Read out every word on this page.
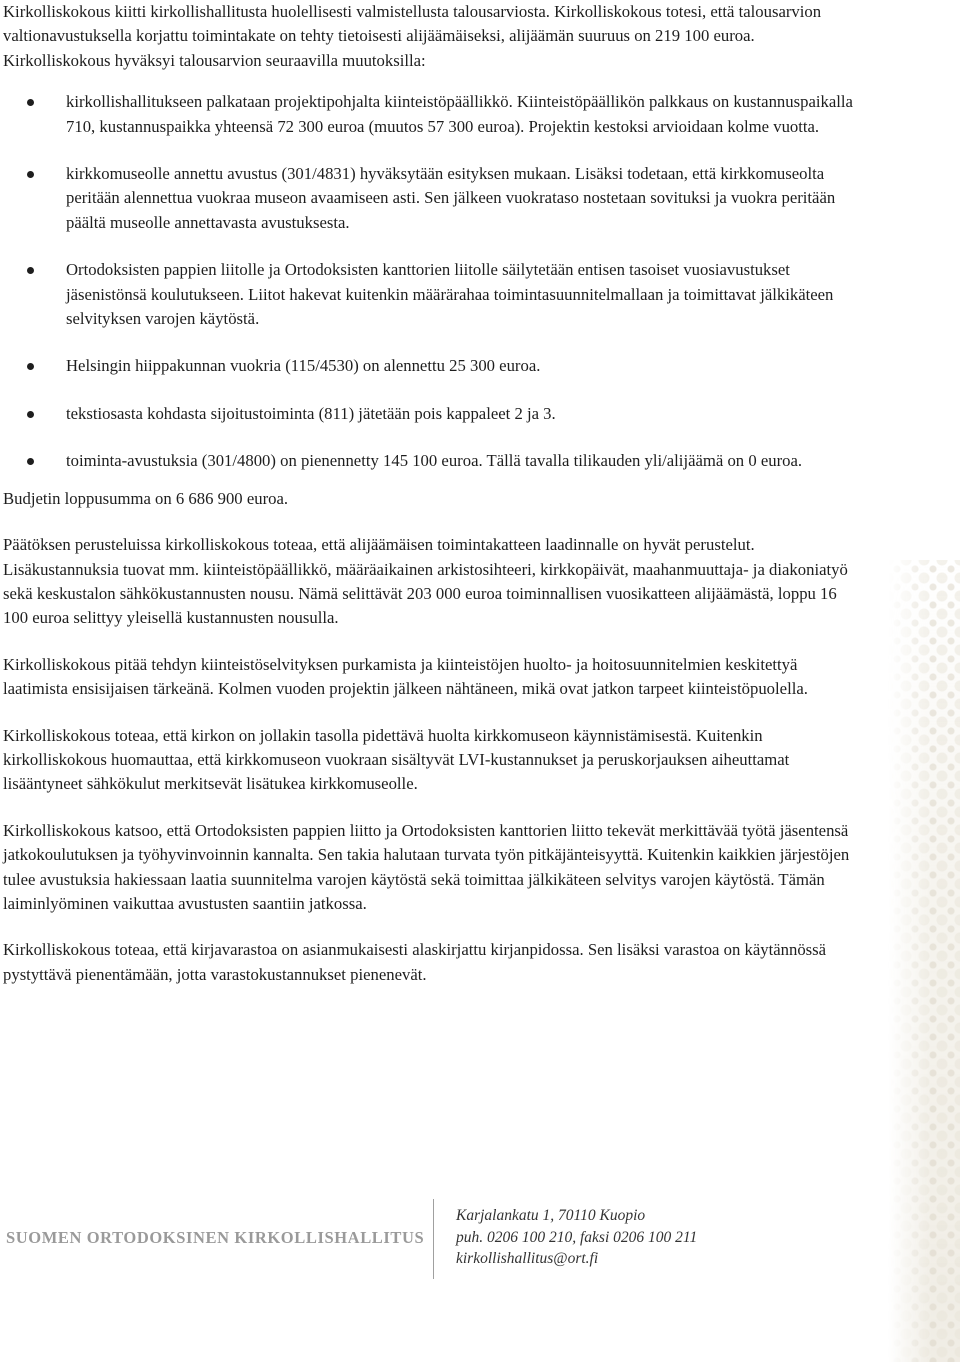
Kirkolliskokous kiitti kirkollishallitusta huolellisesti valmistellusta talousarviosta. Kirkolliskokous totesi, että talousarvion valtionavustuksella korjattu toimintakate on tehty tietoisesti alijäämäiseksi, alijäämän suuruus on 219 100 euroa. Kirkolliskokous hyväksyi talousarvion seuraavilla muutoksilla:

kirkollishallitukseen palkataan projektipohjalta kiinteistöpäällikkö. Kiinteistöpäällikön palkkaus on kustannuspaikalla 710, kustannuspaikka yhteensä 72 300 euroa (muutos 57 300 euroa). Projektin kestoksi arvioidaan kolme vuotta.
kirkkomuseolle annettu avustus (301/4831) hyväksytään esityksen mukaan. Lisäksi todetaan, että kirkkomuseolta peritään alennettua vuokraa museon avaamiseen asti. Sen jälkeen vuokrataso nostetaan sovituksi ja vuokra peritään päältä museolle annettavasta avustuksesta.
Ortodoksisten pappien liitolle ja Ortodoksisten kanttorien liitolle säilytetään entisen tasoiset vuosiavustukset jäsenistönsä koulutukseen. Liitot hakevat kuitenkin määrärahaa toimintasuunnitelmallaan ja toimittavat jälkikäteen selvityksen varojen käytöstä.
Helsingin hiippakunnan vuokria (115/4530) on alennettu 25 300 euroa.
tekstiosasta kohdasta sijoitustoiminta (811) jätetään pois kappaleet 2 ja 3.
toiminta-avustuksia (301/4800) on pienennetty 145 100 euroa. Tällä tavalla tilikauden yli/alijäämä on 0 euroa.

Budjetin loppusumma on 6 686 900 euroa.

Päätöksen perusteluissa kirkolliskokous toteaa, että alijäämäisen toimintakatteen laadinnalle on hyvät perustelut. Lisäkustannuksia tuovat mm. kiinteistöpäällikkö, määräaikainen arkistosihteeri, kirkkopäivät, maahanmuuttaja- ja diakoniatyö sekä keskustalon sähkökustannusten nousu. Nämä selittävät 203 000 euroa toiminnallisen vuosikatteen alijäämästä, loppu 16 100 euroa selittyy yleisellä kustannusten nousulla.

Kirkolliskokous pitää tehdyn kiinteistöselvityksen purkamista ja kiinteistöjen huolto- ja hoitosuunnitelmien keskitettyä laatimista ensisijaisen tärkeänä. Kolmen vuoden projektin jälkeen nähtäneen, mikä ovat jatkon tarpeet kiinteistöpuolella.

Kirkolliskokous toteaa, että kirkon on jollakin tasolla pidettävä huolta kirkkomuseon käynnistämisestä. Kuitenkin kirkolliskokous huomauttaa, että kirkkomuseon vuokraan sisältyvät LVI-kustannukset ja peruskorjauksen aiheuttamat lisääntyneet sähkökulut merkitsevät lisätukea kirkkomuseolle.

Kirkolliskokous katsoo, että Ortodoksisten pappien liitto ja Ortodoksisten kanttorien liitto tekevät merkittävää työtä jäsentensä jatkokoulutuksen ja työhyvinvoinnin kannalta. Sen takia halutaan turvata työn pitkäjänteisyyttä. Kuitenkin kaikkien järjestöjen tulee avustuksia hakiessaan laatia suunnitelma varojen käytöstä sekä toimittaa jälkikäteen selvitys varojen käytöstä. Tämän laiminlyöminen vaikuttaa avustusten saantiin jatkossa.

Kirkolliskokous toteaa, että kirjavarastoa on asianmukaisesti alaskirjattu kirjanpidossa. Sen lisäksi varastoa on käytännössä pystyttävä pienentämään, jotta varastokustannukset pienenevät.

SUOMEN ORTODOKSINEN KIRKOLLISHALLITUS
Karjalankatu 1, 70110 Kuopio
puh. 0206 100 210, faksi 0206 100 211
kirkollishallitus@ort.fi
